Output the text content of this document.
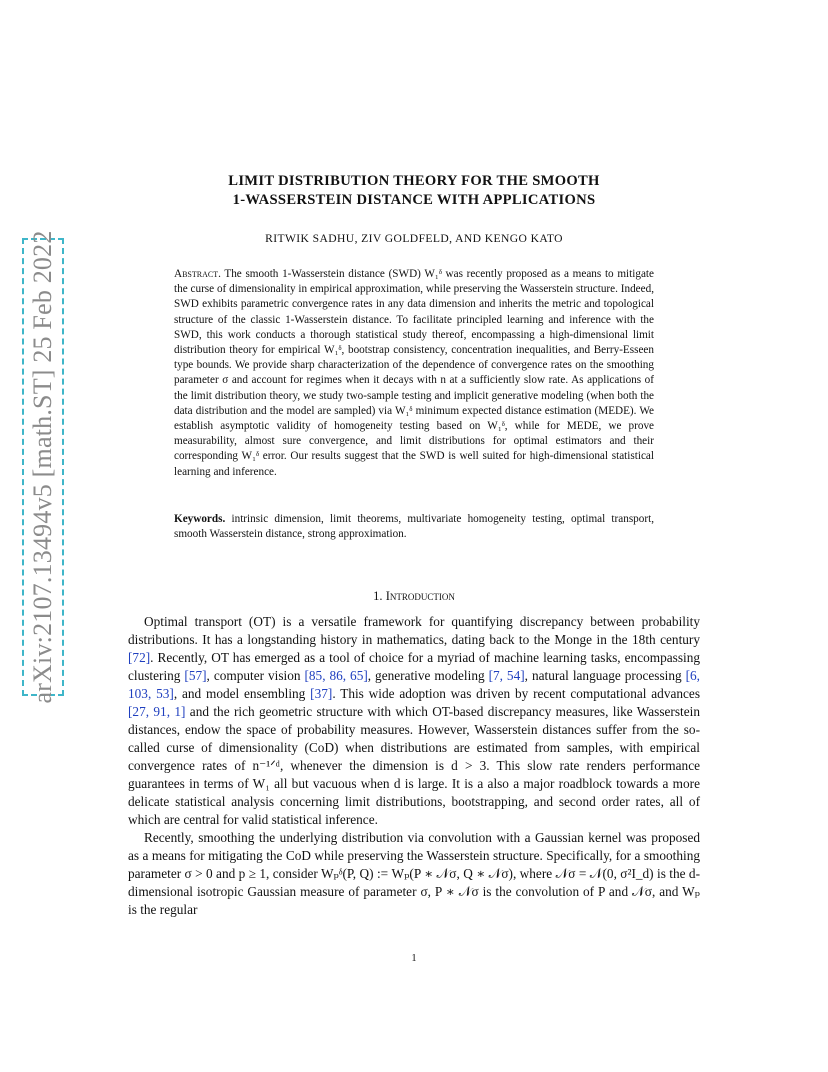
arXiv:2107.13494v5 [math.ST] 25 Feb 2022
LIMIT DISTRIBUTION THEORY FOR THE SMOOTH
1-WASSERSTEIN DISTANCE WITH APPLICATIONS
RITWIK SADHU, ZIV GOLDFELD, AND KENGO KATO
Abstract. The smooth 1-Wasserstein distance (SWD) W₁ᵟ was recently proposed as a means to mitigate the curse of dimensionality in empirical approximation, while preserving the Wasserstein structure. Indeed, SWD exhibits parametric convergence rates in any data dimension and inherits the metric and topological structure of the classic 1-Wasserstein distance. To facilitate principled learning and inference with the SWD, this work conducts a thorough statistical study thereof, encompassing a high-dimensional limit distribution theory for empirical W₁ᵟ, bootstrap consistency, concentration inequalities, and Berry-Esseen type bounds. We provide sharp characterization of the dependence of convergence rates on the smoothing parameter σ and account for regimes when it decays with n at a sufficiently slow rate. As applications of the limit distribution theory, we study two-sample testing and implicit generative modeling (when both the data distribution and the model are sampled) via W₁ᵟ minimum expected distance estimation (MEDE). We establish asymptotic validity of homogeneity testing based on W₁ᵟ, while for MEDE, we prove measurability, almost sure convergence, and limit distributions for optimal estimators and their corresponding W₁ᵟ error. Our results suggest that the SWD is well suited for high-dimensional statistical learning and inference.
Keywords. intrinsic dimension, limit theorems, multivariate homogeneity testing, optimal transport, smooth Wasserstein distance, strong approximation.
1. Introduction

Optimal transport (OT) is a versatile framework for quantifying discrepancy between probability distributions. It has a longstanding history in mathematics, dating back to the Monge in the 18th century [72]. Recently, OT has emerged as a tool of choice for a myriad of machine learning tasks, encompassing clustering [57], computer vision [85, 86, 65], generative modeling [7, 54], natural language processing [6, 103, 53], and model ensembling [37]. This wide adoption was driven by recent computational advances [27, 91, 1] and the rich geometric structure with which OT-based discrepancy measures, like Wasserstein distances, endow the space of probability measures. However, Wasserstein distances suffer from the so-called curse of dimensionality (CoD) when distributions are estimated from samples, with empirical convergence rates of n⁻¹ᐟᵈ, whenever the dimension is d > 3. This slow rate renders performance guarantees in terms of W₁ all but vacuous when d is large. It is a also a major roadblock towards a more delicate statistical analysis concerning limit distributions, bootstrapping, and second order rates, all of which are central for valid statistical inference.

Recently, smoothing the underlying distribution via convolution with a Gaussian kernel was proposed as a means for mitigating the CoD while preserving the Wasserstein structure. Specifically, for a smoothing parameter σ > 0 and p ≥ 1, consider Wₚᵟ(P, Q) := Wₚ(P ∗ 𝒩σ, Q ∗ 𝒩σ), where 𝒩σ = 𝒩(0, σ²I_d) is the d-dimensional isotropic Gaussian measure of parameter σ, P ∗ 𝒩σ is the convolution of P and 𝒩σ, and Wₚ is the regular

1
